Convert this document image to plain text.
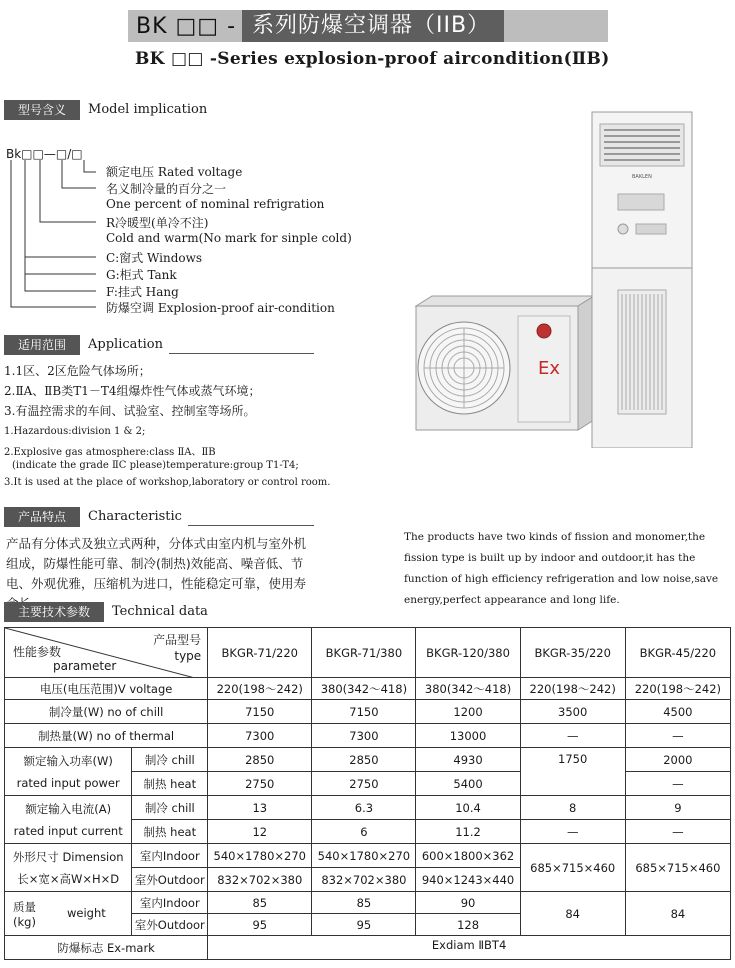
BK □□ - 系列防爆空调器（IIB）
BK □□ -Series explosion-proof aircondition(ⅡB)
型号含义	Model implication
Bk□□—□/□
额定电压 Rated voltage
名义制冷量的百分之一
One percent of nominal refrigration
R冷暖型(单冷不注)
Cold and warm(No mark for sinple cold)
C:窗式 Windows
G:柜式 Tank
F:挂式 Hang
防爆空调 Explosion-proof air-condition
适用范围	Application
1.1区、2区危险气体场所；
2.ⅡA、ⅡB类T1－T4组爆炸性气体或蒸气环境；
3.有温控需求的车间、试验室、控制室等场所。
1.Hazardous:division 1 & 2;
2.Explosive gas atmosphere:class ⅡA、ⅡB
(indicate the grade ⅡC please)temperature:group T1-T4;
3.It is used at the place of workshop,laboratory or control room.
Ex
BAKLEN
产品特点	Characteristic
产品有分体式及独立式两种，分体式由室内机与室外机组成，防爆性能可靠、制冷(制热)效能高、噪音低、节电、外观优雅，压缩机为进口，性能稳定可靠，使用寿
The products have two kinds of fission and monomer,the fission type is built up by indoor and outdoor,it has the function of high efficiency refrigeration and low noise,save energy,perfect appearance and long life.
主要技术参数	Technical data
产品型号
type
性能参数
parameter		BKGR-71/220	BKGR-71/380	BKGR-120/380	BKGR-35/220	BKGR-45/220
电压(电压范围)V voltage		220(198～242)	380(342～418)	380(342～418)	220(198～242)	220(198～242)
制冷量(W) no of chill		7150	7150	1200	3500	4500
制热量(W) no of thermal		7300	7300	13000	—	—
额定输入功率(W)
rated input power	制冷 chill	2850	2850	4930	1750	2000
	制热 heat	2750	2750	5400		—
额定输入电流(A)
rated input current	制冷 chill	13	6.3	10.4	8	9
	制热 heat	12	6	11.2	—	—
外形尺寸 Dimension
长×宽×高W×H×D	室内Indoor	540×1780×270	540×1780×270	600×1800×362	685×715×460	685×715×460
	室外Outdoor	832×702×380	832×702×380	940×1243×440		
质量
(kg)
weight	室内Indoor	85	85	90	84	84
	室外Outdoor	95	95	128		
防爆标志 Ex-mark		Exdiam ⅡBT4				
